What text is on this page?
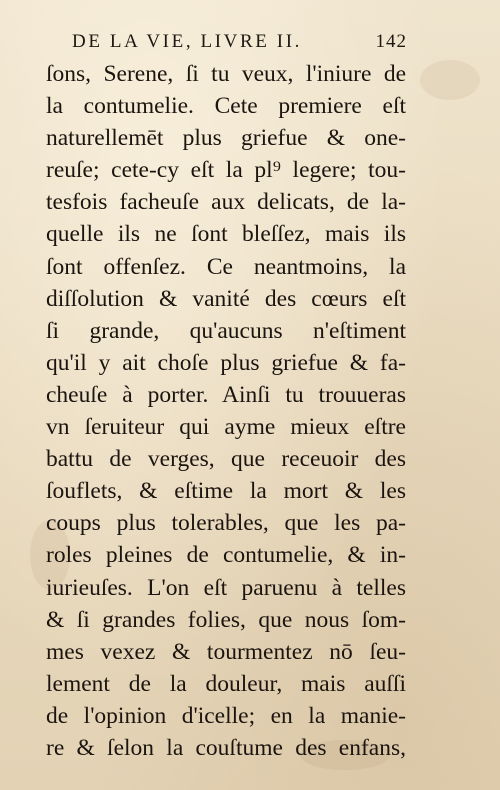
DE LA VIE, LIVRE II.	142
ſons, Serene, ſi tu veux, l'iniure de
la contumelie. Cete premiere eſt
naturellemēt plus griefue & one-
reuſe; cete-cy eſt la pl⁹ legere; tou-
tesfois facheuſe aux delicats, de la-
quelle ils ne ſont bleſſez, mais ils
ſont offenſez. Ce neantmoins, la
diſſolution & vanité des cœurs eſt
ſi grande, qu'aucuns n'eſtiment
qu'il y ait choſe plus griefue & fa-
cheuſe à porter. Ainſi tu trouueras
vn ſeruiteur qui ayme mieux eſtre
battu de verges, que receuoir des
ſouflets, & eſtime la mort & les
coups plus tolerables, que les pa-
roles pleines de contumelie, & in-
iurieuſes. L'on eſt paruenu à telles
& ſi grandes folies, que nous ſom-
mes vexez & tourmentez nō ſeu-
lement de la douleur, mais auſſi
de l'opinion d'icelle; en la manie-
re & ſelon la couſtume des enfans,
